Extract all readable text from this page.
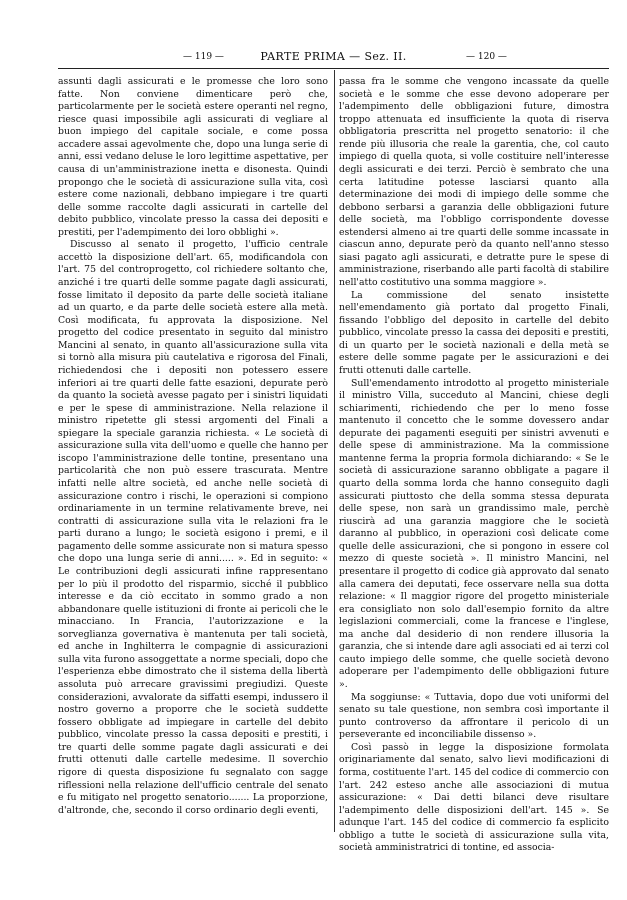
— 119 —	PARTE PRIMA — Sez. II.	— 120 —

assunti dagli assicurati e le promesse che loro sono fatte. Non conviene dimenticare però che, particolarmente per le società estere operanti nel regno, riesce quasi impossibile agli assicurati di vegliare al buon impiego del capitale sociale, e come possa accadere assai agevolmente che, dopo una lunga serie di anni, essi vedano deluse le loro legittime aspettative, per causa di un'amministrazione inetta e disonesta. Quindi propongo che le società di assicurazione sulla vita, così estere come nazionali, debbano impiegare i tre quarti delle somme raccolte dagli assicurati in cartelle del debito pubblico, vincolate presso la cassa dei depositi e prestiti, per l'adempimento dei loro obblighi ».

Discusso al senato il progetto, l'ufficio centrale accettò la disposizione dell'art. 65, modificandola con l'art. 75 del controprogetto, col richiedere soltanto che, anziché i tre quarti delle somme pagate dagli assicurati, fosse limitato il deposito da parte delle società italiane ad un quarto, e da parte delle società estere alla metà. Così modificata, fu approvata la disposizione. Nel progetto del codice presentato in seguito dal ministro Mancini al senato, in quanto all'assicurazione sulla vita si tornò alla misura più cautelativa e rigorosa del Finali, richiedendosi che i depositi non potessero essere inferiori ai tre quarti delle fatte esazioni, depurate però da quanto la società avesse pagato per i sinistri liquidati e per le spese di amministrazione. Nella relazione il ministro ripetette gli stessi argomenti del Finali a spiegare la speciale garanzia richiesta. « Le società di assicurazione sulla vita dell'uomo e quelle che hanno per iscopo l'amministrazione delle tontine, presentano una particolarità che non può essere trascurata. Mentre infatti nelle altre società, ed anche nelle società di assicurazione contro i rischi, le operazioni si compiono ordinariamente in un termine relativamente breve, nei contratti di assicurazione sulla vita le relazioni fra le parti durano a lungo; le società esigono i premi, e il pagamento delle somme assicurate non si matura spesso che dopo una lunga serie di anni..... ». Ed in seguito: « Le contribuzioni degli assicurati infine rappresentano per lo più il prodotto del risparmio, sicché il pubblico interesse e da ciò eccitato in sommo grado a non abbandonare quelle istituzioni di fronte ai pericoli che le minacciano. In Francia, l'autorizzazione e la sorveglianza governativa è mantenuta per tali società, ed anche in Inghilterra le compagnie di assicurazioni sulla vita furono assoggettate a norme speciali, dopo che l'esperienza ebbe dimostrato che il sistema della libertà assoluta può arrecare gravissimi pregiudizi. Queste considerazioni, avvalorate da siffatti esempi, indussero il nostro governo a proporre che le società suddette fossero obbligate ad impiegare in cartelle del debito pubblico, vincolate presso la cassa depositi e prestiti, i tre quarti delle somme pagate dagli assicurati e dei frutti ottenuti dalle cartelle medesime. Il soverchio rigore di questa disposizione fu segnalato con sagge riflessioni nella relazione dell'ufficio centrale del senato e fu mitigato nel progetto senatorio....... La proporzione, d'altronde, che, secondo il corso ordinario degli eventi,

passa fra le somme che vengono incassate da quelle società e le somme che esse devono adoperare per l'adempimento delle obbligazioni future, dimostra troppo attenuata ed insufficiente la quota di riserva obbligatoria prescritta nel progetto senatorio: il che rende più illusoria che reale la garentia, che, col cauto impiego di quella quota, si volle costituire nell'interesse degli assicurati e dei terzi. Perciò è sembrato che una certa latitudine potesse lasciarsi quanto alla determinazione dei modi di impiego delle somme che debbono serbarsi a garanzia delle obbligazioni future delle società, ma l'obbligo corrispondente dovesse estendersi almeno ai tre quarti delle somme incassate in ciascun anno, depurate però da quanto nell'anno stesso siasi pagato agli assicurati, e detratte pure le spese di amministrazione, riserbando alle parti facoltà di stabilire nell'atto costitutivo una somma maggiore ».

La commissione del senato insistette nell'emendamento già portato dal progetto Finali, fissando l'obbligo del deposito in cartelle del debito pubblico, vincolate presso la cassa dei depositi e prestiti, di un quarto per le società nazionali e della metà se estere delle somme pagate per le assicurazioni e dei frutti ottenuti dalle cartelle.

Sull'emendamento introdotto al progetto ministeriale il ministro Villa, succeduto al Mancini, chiese degli schiarimenti, richiedendo che per lo meno fosse mantenuto il concetto che le somme dovessero andar depurate dei pagamenti eseguiti per sinistri avvenuti e delle spese di amministrazione. Ma la commissione mantenne ferma la propria formola dichiarando: « Se le società di assicurazione saranno obbligate a pagare il quarto della somma lorda che hanno conseguito dagli assicurati piuttosto che della somma stessa depurata delle spese, non sarà un grandissimo male, perchè riuscirà ad una garanzia maggiore che le società daranno al pubblico, in operazioni così delicate come quelle delle assicurazioni, che si pongono in essere col mezzo di queste società ». Il ministro Mancini, nel presentare il progetto di codice già approvato dal senato alla camera dei deputati, fece osservare nella sua dotta relazione: « Il maggior rigore del progetto ministeriale era consigliato non solo dall'esempio fornito da altre legislazioni commerciali, come la francese e l'inglese, ma anche dal desiderio di non rendere illusoria la garanzia, che si intende dare agli associati ed ai terzi col cauto impiego delle somme, che quelle società devono adoperare per l'adempimento delle obbligazioni future ».

Ma soggiunse: « Tuttavia, dopo due voti uniformi del senato su tale questione, non sembra così importante il punto controverso da affrontare il pericolo di un perseverante ed inconciliabile dissenso ».

Così passò in legge la disposizione formolata originariamente dal senato, salvo lievi modificazioni di forma, costituente l'art. 145 del codice di commercio con l'art. 242 esteso anche alle associazioni di mutua assicurazione: « Dai detti bilanci deve risultare l'adempimento delle disposizioni dell'art. 145 ». Se adunque l'art. 145 del codice di commercio fa esplicito obbligo a tutte le società di assicurazione sulla vita, società amministratrici di tontine, ed associa-
